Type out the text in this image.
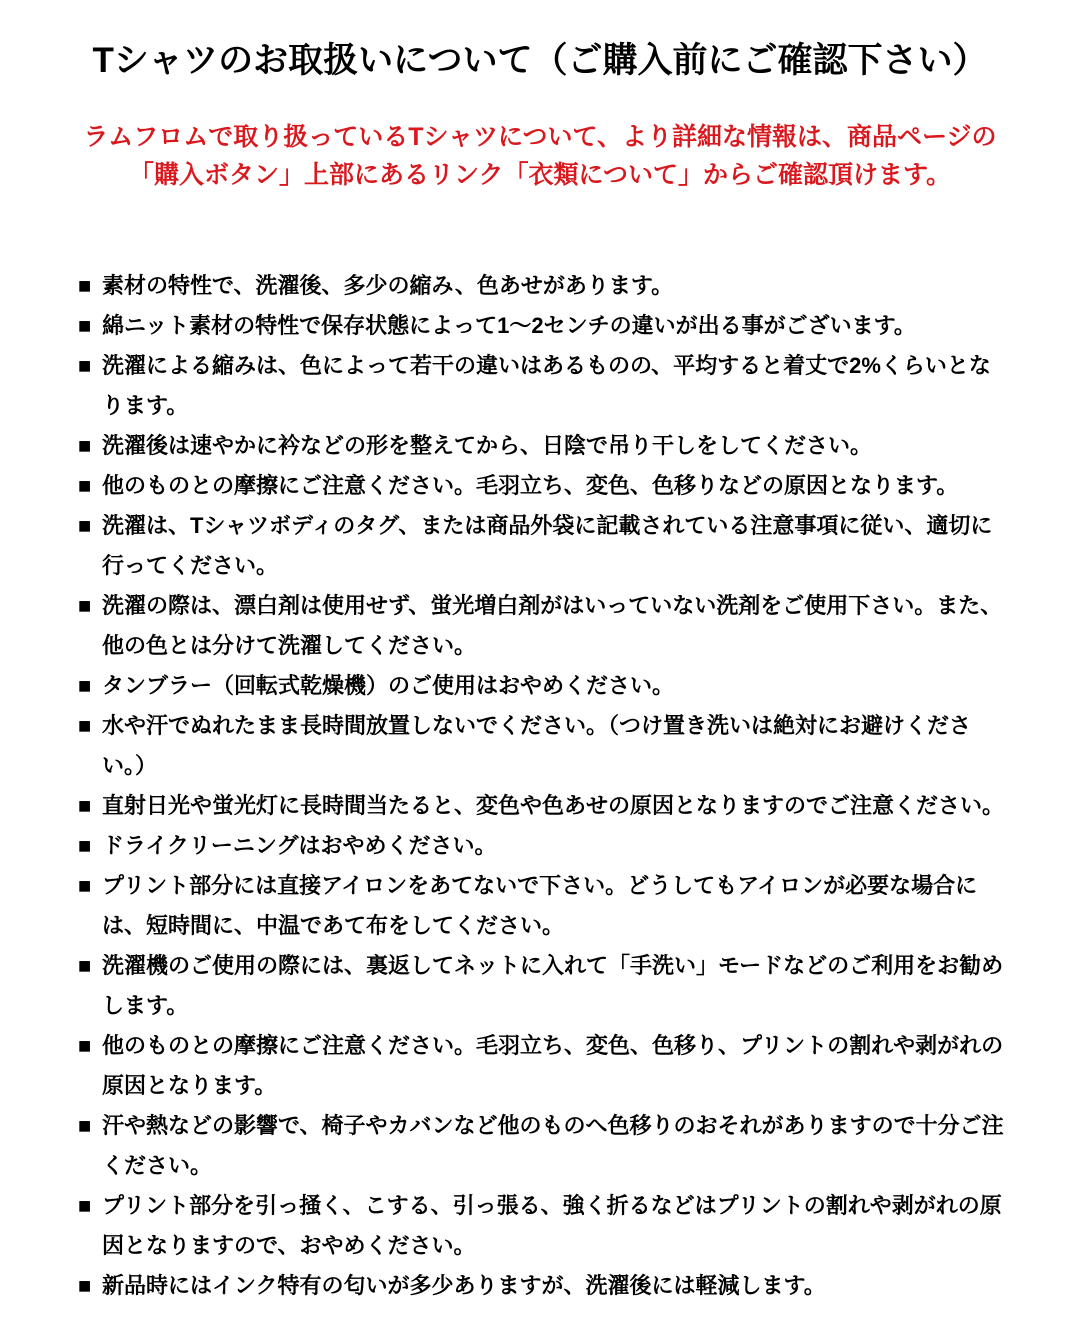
Tシャツのお取扱いについて（ご購入前にご確認下さい）
ラムフロムで取り扱っているTシャツについて、より詳細な情報は、商品ページの
「購入ボタン」上部にあるリンク「衣類について」からご確認頂けます。
■ 素材の特性で、洗濯後、多少の縮み、色あせがあります。
■ 綿ニット素材の特性で保存状態によって1～2センチの違いが出る事がございます。
■ 洗濯による縮みは、色によって若干の違いはあるものの、平均すると着丈で2%くらいとなります。
■ 洗濯後は速やかに衿などの形を整えてから、日陰で吊り干しをしてください。
■ 他のものとの摩擦にご注意ください。毛羽立ち、変色、色移りなどの原因となります。
■ 洗濯は、Tシャツボディのタグ、または商品外袋に記載されている注意事項に従い、適切に行ってください。
■ 洗濯の際は、漂白剤は使用せず、蛍光増白剤がはいっていない洗剤をご使用下さい。また、他の色とは分けて洗濯してください。
■ タンブラー（回転式乾燥機）のご使用はおやめください。
■ 水や汗でぬれたまま長時間放置しないでください。（つけ置き洗いは絶対にお避けください。）
■ 直射日光や蛍光灯に長時間当たると、変色や色あせの原因となりますのでご注意ください。
■ ドライクリーニングはおやめください。
■ プリント部分には直接アイロンをあてないで下さい。どうしてもアイロンが必要な場合には、短時間に、中温であて布をしてください。
■ 洗濯機のご使用の際には、裏返してネットに入れて「手洗い」モードなどのご利用をお勧めします。
■ 他のものとの摩擦にご注意ください。毛羽立ち、変色、色移り、プリントの割れや剥がれの原因となります。
■ 汗や熱などの影響で、椅子やカバンなど他のものへ色移りのおそれがありますので十分ご注ください。
■ プリント部分を引っ掻く、こする、引っ張る、強く折るなどはプリントの割れや剥がれの原因となりますので、おやめください。
■ 新品時にはインク特有の匂いが多少ありますが、洗濯後には軽減します。
